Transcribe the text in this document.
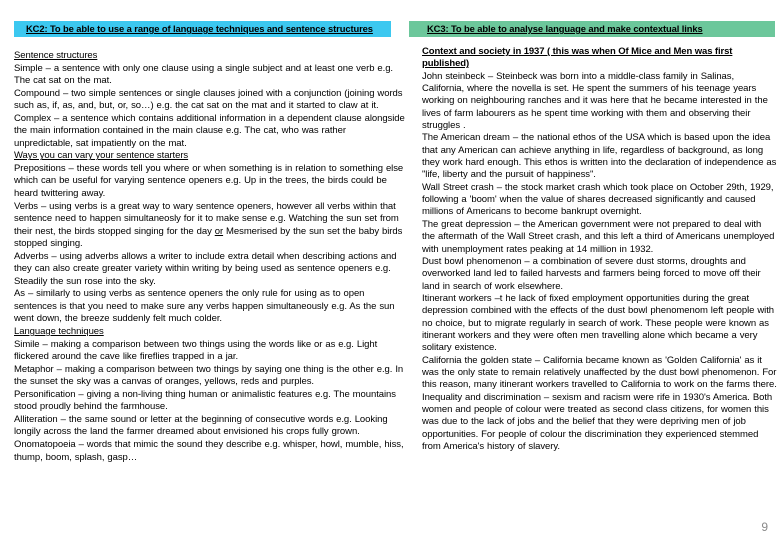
KC2: To be able to use a range of language techniques and sentence structures	KC3: To be able to analyse language and make contextual links

Sentence structures

Simple – a sentence with only one clause using a single subject and at least one verb e.g. The cat sat on the mat.

Compound – two simple sentences or single clauses joined with a conjunction (joining words such as, if, as, and, but, or, so…) e.g. the cat sat on the mat and it started to claw at it.

Complex – a sentence which contains additional information in a dependent clause alongside the main information contained in the main clause e.g. The cat, who was rather unpredictable, sat impatiently on the mat.

Ways you can vary your sentence starters

Prepositions – these words tell you where or when something is in relation to something else which can be useful for varying sentence openers e.g. Up in the trees, the birds could be heard twittering away.

Verbs – using verbs is a great way to wary sentence openers, however all verbs within that sentence need to happen simultaneosly for it to make sense e.g. Watching the sun set from their nest, the birds stopped singing for the day or Mesmerised by the sun set the baby birds stopped singing.

Adverbs – using adverbs allows a writer to include extra detail when describing actions and they can also create greater variety within writing by being used as sentence openers e.g. Steadily the sun rose into the sky.

As – similarly to using verbs as sentence openers the only rule for using as to open sentences is that you need to make sure any verbs happen simultaneously e.g. As the sun went down, the breeze suddenly felt much colder.

Language techniques

Simile – making a comparison between two things using the words like or as e.g. Light flickered around the cave like fireflies trapped in a jar.

Metaphor – making a comparison between two things by saying one thing is the other e.g. In the sunset the sky was a canvas of oranges, yellows, reds and purples.

Personification – giving a non-living thing human or animalistic features e.g. The mountains stood proudly behind the farmhouse.

Alliteration – the same sound or letter at the beginning of consecutive words e.g. Looking longily across the land the farmer dreamed about envisioned his crops fully grown.

Onomatopoeia – words that mimic the sound they describe e.g. whisper, howl, mumble, hiss, thump, boom, splash, gasp…

Context and society in 1937 ( this was when Of Mice and Men was first published)

John steinbeck – Steinbeck was born into a middle-class family in Salinas, California, where the novella is set. He spent the summers of his teenage years working on neighbouring ranches and it was here that he became interested in the lives of farm labourers as he spent time working with them and observing their struggles .

The American dream – the national ethos of the USA which is based upon the idea that any American can achieve anything in life, regardless of background, as long they work hard enough. This ethos is written into the declaration of independence as "life, liberty and the pursuit of happiness".

Wall Street crash – the stock market crash which took place on October 29th, 1929, following a 'boom' when the value of shares decreased significantly and caused millions of Americans to become bankrupt overnight.

The great depression – the American government were not prepared to deal with the aftermath of the Wall Street crash, and this left a third of Americans unemployed with unemployment rates peaking at 14 million in 1932.

Dust bowl phenomenon – a combination of severe dust storms, droughts and overworked land led to failed harvests and farmers being forced to move off their land in search of work elsewhere.

Itinerant workers –t he lack of fixed employment opportunities during the great depression combined with the effects of the dust bowl phenomenom left people with no choice, but to migrate regularly in search of work. These people were known as itinerant workers and they were often men travelling alone which became a very solitary existence.

California the golden state – California became known as 'Golden California' as it was the only state to remain relatively unaffected by the dust bowl phenomenon. For this reason, many itinerant workers travelled to California to work on the farms there.

Inequality and discrimination – sexism and racism were rife in 1930's America. Both women and people of colour were treated as second class citizens, for women this was due to the lack of jobs and the belief that they were depriving men of job opportunities. For people of colour the discrimination they experienced stemmed from America's history of slavery.

9
